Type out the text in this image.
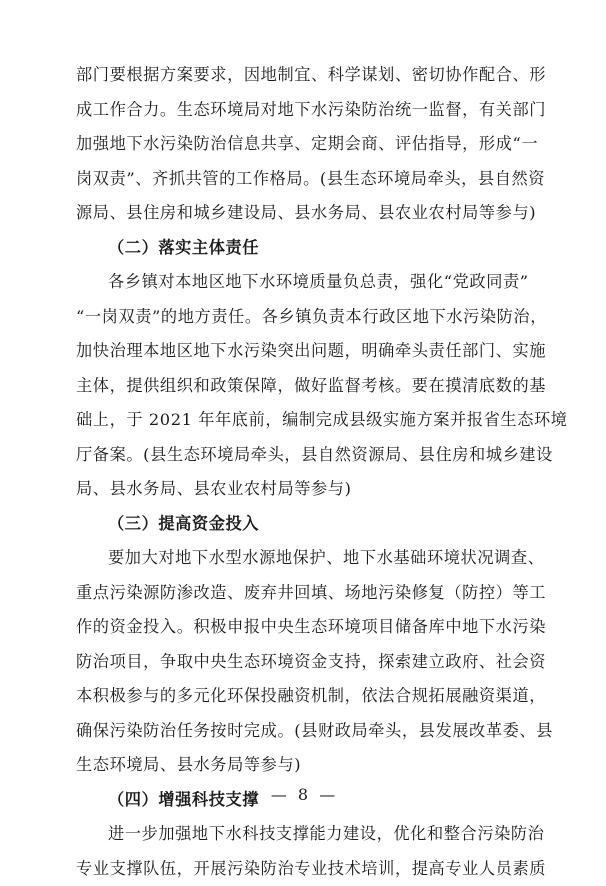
部门要根据方案要求，因地制宜、科学谋划、密切协作配合、形
成工作合力。生态环境局对地下水污染防治统一监督，有关部门
加强地下水污染防治信息共享、定期会商、评估指导，形成“一
岗双责”、齐抓共管的工作格局。(县生态环境局牵头，县自然资
源局、县住房和城乡建设局、县水务局、县农业农村局等参与)
（二）落实主体责任
各乡镇对本地区地下水环境质量负总责，强化“党政同责”
“一岗双责”的地方责任。各乡镇负责本行政区地下水污染防治，
加快治理本地区地下水污染突出问题，明确牵头责任部门、实施
主体，提供组织和政策保障，做好监督考核。要在摸清底数的基
础上，于 2021 年年底前，编制完成县级实施方案并报省生态环境
厅备案。(县生态环境局牵头，县自然资源局、县住房和城乡建设
局、县水务局、县农业农村局等参与)
（三）提高资金投入
要加大对地下水型水源地保护、地下水基础环境状况调查、
重点污染源防渗改造、废弃井回填、场地污染修复（防控）等工
作的资金投入。积极申报中央生态环境项目储备库中地下水污染
防治项目，争取中央生态环境资金支持，探索建立政府、社会资
本积极参与的多元化环保投融资机制，依法合规拓展融资渠道，
确保污染防治任务按时完成。(县财政局牵头，县发展改革委、县
生态环境局、县水务局等参与)
（四）增强科技支撑
进一步加强地下水科技支撑能力建设，优化和整合污染防治
专业支撑队伍，开展污染防治专业技术培训，提高专业人员素质
— 8 —
